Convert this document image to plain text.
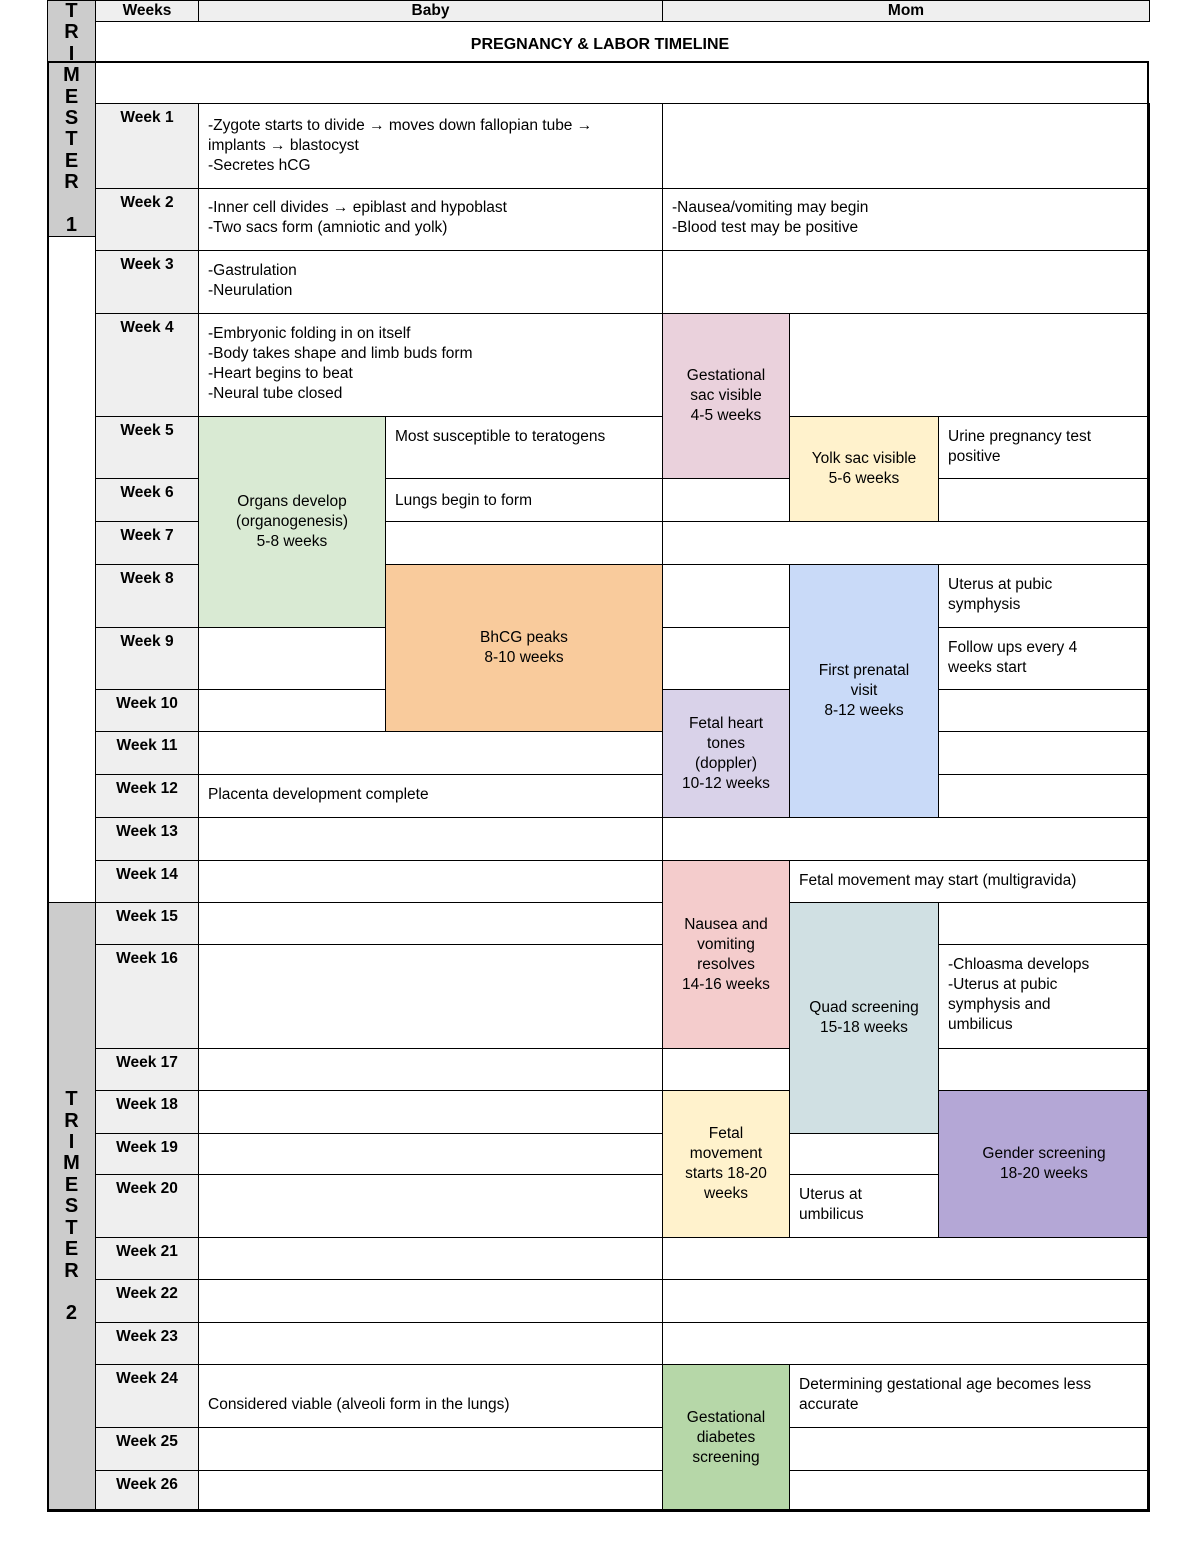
PREGNANCY & LABOR TIMELINE
Weeks	Baby	Mom
T
R
I
M
E
S
T
E
R

1
T
R
I
M
E
S
T
E
R

2
Week 1
Week 2
Week 3
Week 4
Week 5
Week 6
Week 7
Week 8
Week 9
Week 10
Week 11
Week 12
Week 13
Week 14
Week 15
Week 16
Week 17
Week 18
Week 19
Week 20
Week 21
Week 22
Week 23
Week 24
Week 25
Week 26
-Zygote starts to divide → moves down fallopian tube →
implants → blastocyst
-Secretes hCG
-Inner cell divides → epiblast and hypoblast
-Two sacs form (amniotic and yolk)
-Gastrulation
-Neurulation
-Embryonic folding in on itself
-Body takes shape and limb buds form
-Heart begins to beat
-Neural tube closed
Organs develop
(organogenesis)
5-8 weeks
Most susceptible to teratogens
Lungs begin to form
BhCG peaks
8-10 weeks
Placenta development complete
Considered viable (alveoli form in the lungs)
-Nausea/vomiting may begin
-Blood test may be positive
Gestational
sac visible
4-5 weeks
Yolk sac visible
5-6 weeks
Urine pregnancy test
positive
First prenatal
visit
8-12 weeks
Uterus at pubic
symphysis
Follow ups every 4
weeks start
Fetal heart
tones
(doppler)
10-12 weeks
Nausea and
vomiting
resolves
14-16 weeks
Fetal movement may start (multigravida)
Quad screening
15-18 weeks
-Chloasma develops
-Uterus at pubic
symphysis and
umbilicus
Fetal
movement
starts 18-20
weeks
Gender screening
18-20 weeks
Uterus at
umbilicus
Gestational
diabetes
screening
Determining gestational age becomes less
accurate
